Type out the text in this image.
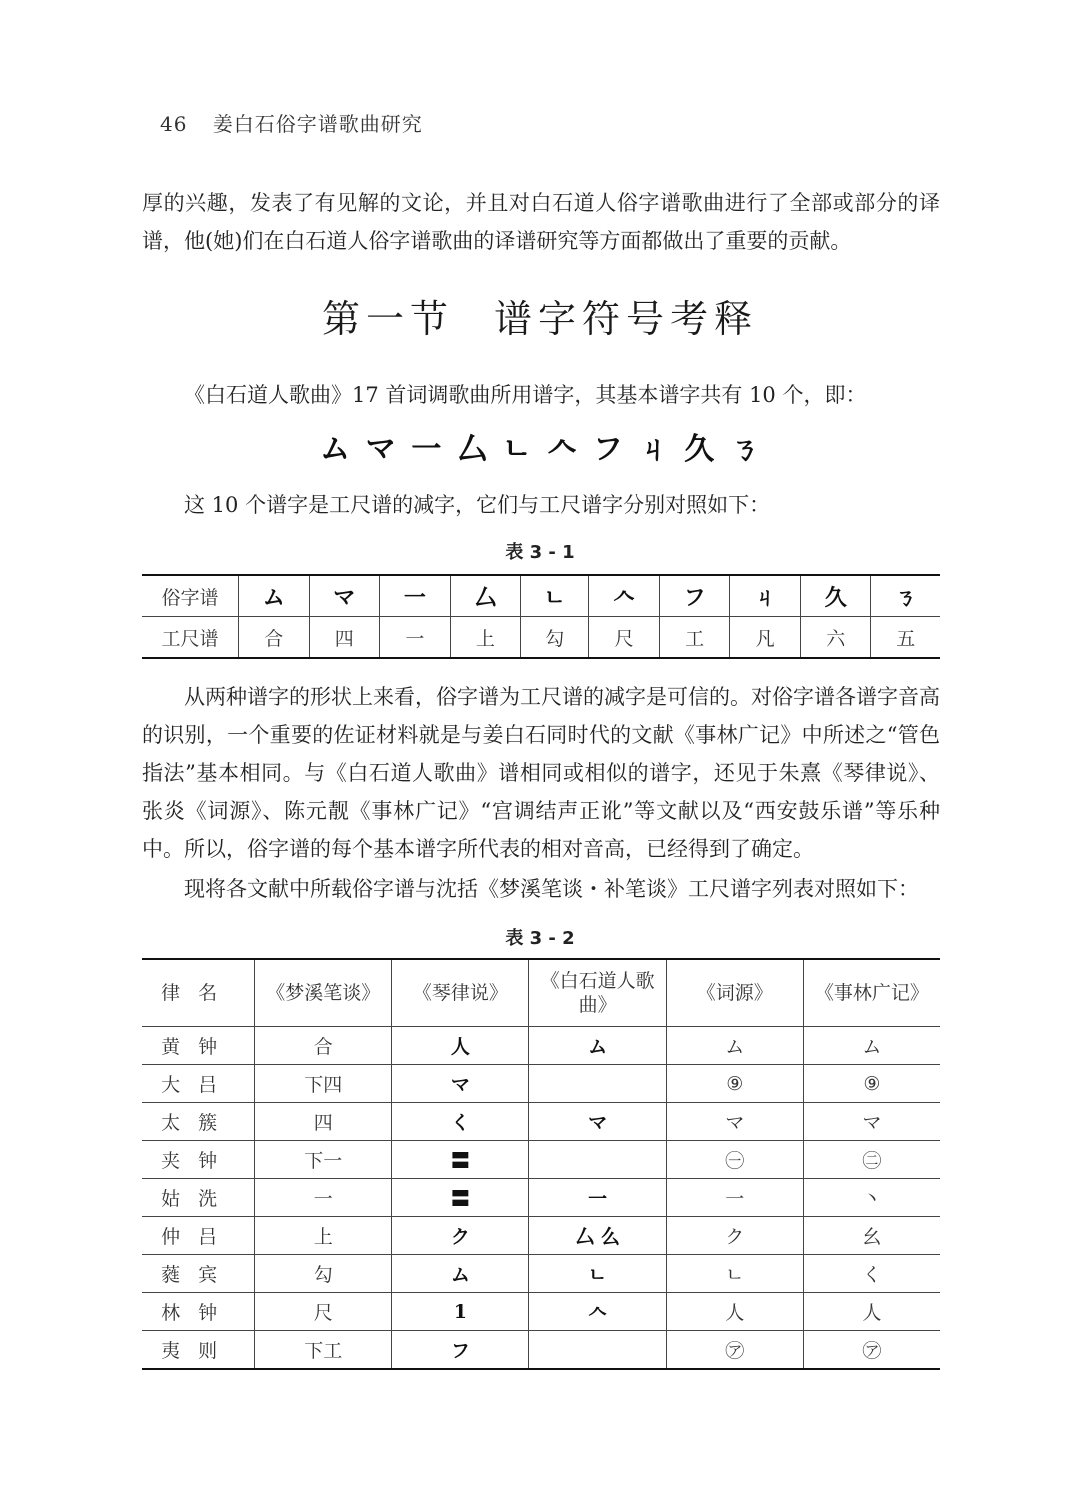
46 姜白石俗字谱歌曲研究
厚的兴趣，发表了有见解的文论，并且对白石道人俗字谱歌曲进行了全部或部分的译谱，他(她)们在白石道人俗字谱歌曲的译谱研究等方面都做出了重要的贡献。
第一节 谱字符号考释
《白石道人歌曲》17 首词调歌曲所用谱字，其基本谱字共有 10 个，即：
ム マ 一 厶 ㄴ 𠆢 フ ㄐ 久 ㄋ
这 10 个谱字是工尺谱的减字，它们与工尺谱字分别对照如下：
表 3 - 1
俗字谱	ム	マ	一	厶	ㄴ	𠆢	フ	ㄐ	久	ㄋ
工尺谱	合	四	一	上	勾	尺	工	凡	六	五
从两种谱字的形状上来看，俗字谱为工尺谱的减字是可信的。对俗字谱各谱字音高的识别，一个重要的佐证材料就是与姜白石同时代的文献《事林广记》中所述之“管色指法”基本相同。与《白石道人歌曲》谱相同或相似的谱字，还见于朱熹《琴律说》、张炎《词源》、陈元靓《事林广记》“宫调结声正讹”等文献以及“西安鼓乐谱”等乐种中。所以，俗字谱的每个基本谱字所代表的相对音高，已经得到了确定。
现将各文献中所载俗字谱与沈括《梦溪笔谈・补笔谈》工尺谱字列表对照如下：
表 3 - 2
律名	《梦溪笔谈》	《琴律说》	《白石道人歌曲》	《词源》	《事林广记》
黄钟	合	人	ム	ム	ム
大吕	下四	マ		⑨	⑨
太簇	四	く	マ	マ	マ
夹钟	下一	〓		㊀	㊁
姑洗	一	〓	一	一	丶
仲吕	上	ク	厶 么	ク	幺
蕤宾	勾	ム	ㄴ	ㄴ	く
林钟	尺	1	𠆢	人	人
夷则	下工	フ		㋐	㋐
